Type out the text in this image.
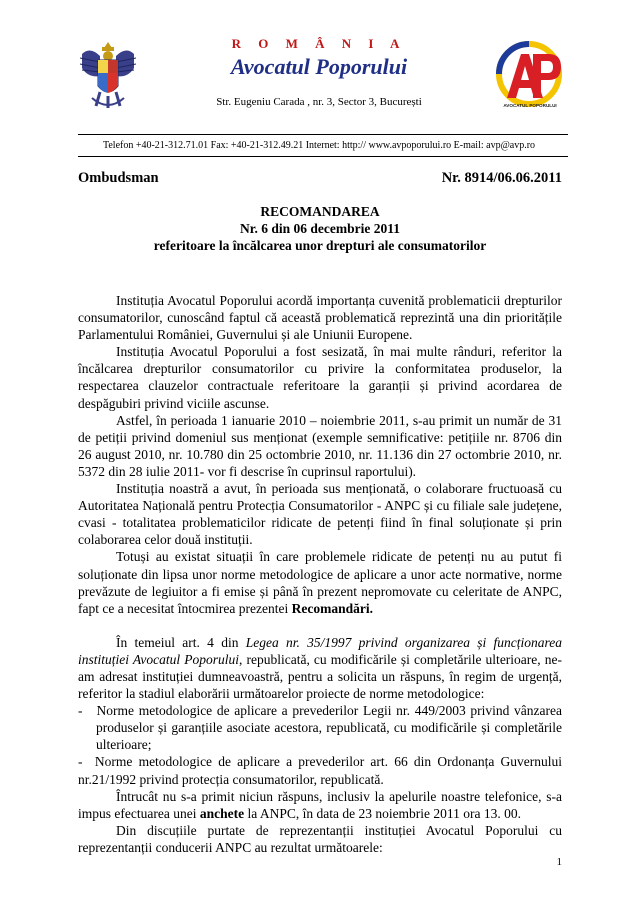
R O M Â N I A
Avocatul Poporului
Str. Eugeniu Carada , nr. 3, Sector 3, București	AVOCATUL POPORULUI
Telefon +40-21-312.71.01 Fax: +40-21-312.49.21 Internet: http:// www.avpoporului.ro E-mail: avp@avp.ro
Ombudsman	Nr. 8914/06.06.2011
RECOMANDAREA
Nr. 6 din 06 decembrie 2011
referitoare la încălcarea unor drepturi ale consumatorilor

Instituția Avocatul Poporului acordă importanța cuvenită problematicii drepturilor consumatorilor, cunoscând faptul că această problematică reprezintă una din prioritățile Parlamentului României, Guvernului și ale Uniunii Europene.

Instituția Avocatul Poporului a fost sesizată, în mai multe rânduri, referitor la încălcarea drepturilor consumatorilor cu privire la conformitatea produselor, la respectarea clauzelor contractuale referitoare la garanții și privind acordarea de despăgubiri privind viciile ascunse.

Astfel, în perioada 1 ianuarie 2010 – noiembrie 2011, s-au primit un număr de 31 de petiții privind domeniul sus menționat (exemple semnificative: petițiile nr. 8706 din 26 august 2010, nr. 10.780 din 25 octombrie 2010, nr. 11.136 din 27 octombrie 2010, nr. 5372 din 28 iulie 2011- vor fi descrise în cuprinsul raportului).

Instituția noastră a avut, în perioada sus menționată, o colaborare fructuoasă cu Autoritatea Națională pentru Protecția Consumatorilor - ANPC și cu filiale sale județene, cvasi - totalitatea problematicilor ridicate de petenți fiind în final soluționate și prin colaborarea celor două instituții.

Totuși au existat situații în care problemele ridicate de petenți nu au putut fi soluționate din lipsa unor norme metodologice de aplicare a unor acte normative, norme prevăzute de legiuitor a fi emise și până în prezent nepromovate cu celeritate de ANPC, fapt ce a necesitat întocmirea prezentei Recomandări.

În temeiul art. 4 din Legea nr. 35/1997 privind organizarea și funcționarea instituției Avocatul Poporului, republicată, cu modificările și completările ulterioare, ne-am adresat instituției dumneavoastră, pentru a solicita un răspuns, în regim de urgență, referitor la stadiul elaborării următoarelor proiecte de norme metodologice:

- Norme metodologice de aplicare a prevederilor Legii nr. 449/2003 privind vânzarea produselor și garanțiile asociate acestora, republicată, cu modificările și completările ulterioare;
- Norme metodologice de aplicare a prevederilor art. 66 din Ordonanța Guvernului nr.21/1992 privind protecția consumatorilor, republicată.

Întrucât nu s-a primit niciun răspuns, inclusiv la apelurile noastre telefonice, s-a impus efectuarea unei anchete la ANPC, în data de 23 noiembrie 2011 ora 13. 00.

Din discuțiile purtate de reprezentanții instituției Avocatul Poporului cu reprezentanții conducerii ANPC au rezultat următoarele:

1
